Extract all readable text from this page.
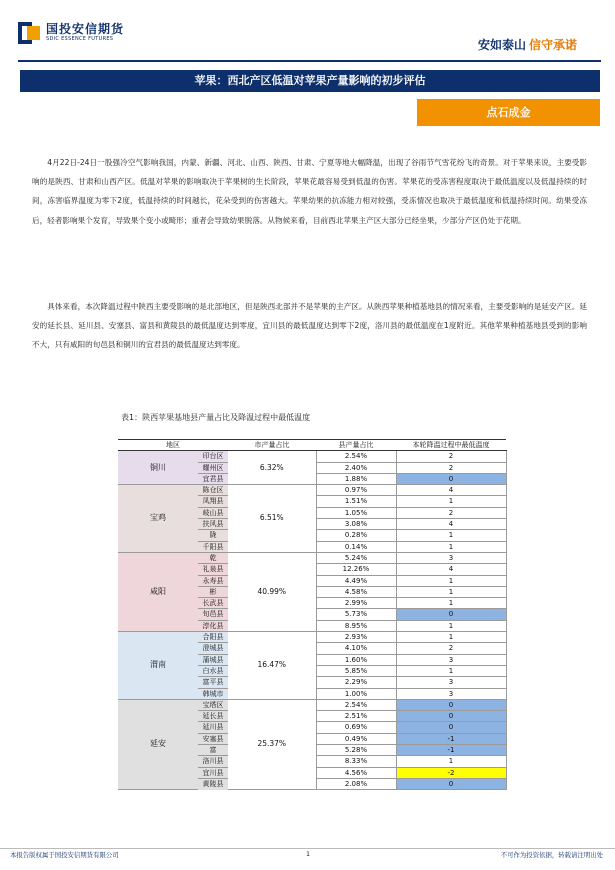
国投安信期货
SDIC ESSENCE FUTURES	安如泰山 信守承诺
苹果：西北产区低温对苹果产量影响的初步评估
点石成金

4月22日-24日一股强冷空气影响我国，内蒙、新疆、河北、山西、陕西、甘肃、宁夏等地大幅降温，出现了谷雨节气雪花纷飞的奇景。对于苹果来说，主要受影响的是陕西、甘肃和山西产区。低温对苹果的影响取决于苹果树的生长阶段，苹果花最容易受到低温的伤害。苹果花的受冻害程度取决于最低温度以及低温持续的时间，冻害临界温度为零下2度，低温持续的时间越长，花朵受到的伤害越大。苹果幼果的抗冻能力相对较强，受冻情况也取决于最低温度和低温持续时间。幼果受冻后，轻者影响果个发育，导致果个变小或畸形；重者会导致幼果脱落。从物候来看，目前西北苹果主产区大部分已经坐果，少部分产区仍处于花期。

具体来看，本次降温过程中陕西主要受影响的是北部地区，但是陕西北部并不是苹果的主产区。从陕西苹果种植基地县的情况来看，主要受影响的是延安产区。延安的延长县、延川县、安塞县、富县和黄陵县的最低温度达到零度，宜川县的最低温度达到零下2度，洛川县的最低温度在1度附近。其他苹果种植基地县受到的影响不大，只有咸阳的旬邑县和铜川的宜君县的最低温度达到零度。

表1：陕西苹果基地县产量占比及降温过程中最低温度
地区		市产量占比	县产量占比	本轮降温过程中最低温度
铜川	印台区	6.32%	2.54%	2
	耀州区		2.40%	2
	宜君县		1.88%	0
宝鸡	陈仓区	6.51%	0.97%	4
	凤翔县		1.51%	1
	岐山县		1.05%	2
	扶风县		3.08%	4
	陇		0.28%	1
	千阳县		0.14%	1
咸阳	乾	40.99%	5.24%	3
	礼泉县		12.26%	4
	永寿县		4.49%	1
	彬		4.58%	1
	长武县		2.99%	1
	旬邑县		5.73%	0
	淳化县		8.95%	1
渭南	合阳县	16.47%	2.93%	1
	澄城县		4.10%	2
	蒲城县		1.60%	3
	白水县		5.85%	1
	富平县		2.29%	3
	韩城市		1.00%	3
延安	宝塔区	25.37%	2.54%	0
	延长县		2.51%	0
	延川县		0.69%	0
	安塞县		0.49%	-1
	富		5.28%	-1
	洛川县		8.33%	1
	宜川县		4.56%	-2
	黄陵县		2.08%	0
本报告版权属于国投安信期货有限公司	1	不可作为投资依据，转载请注明出处
